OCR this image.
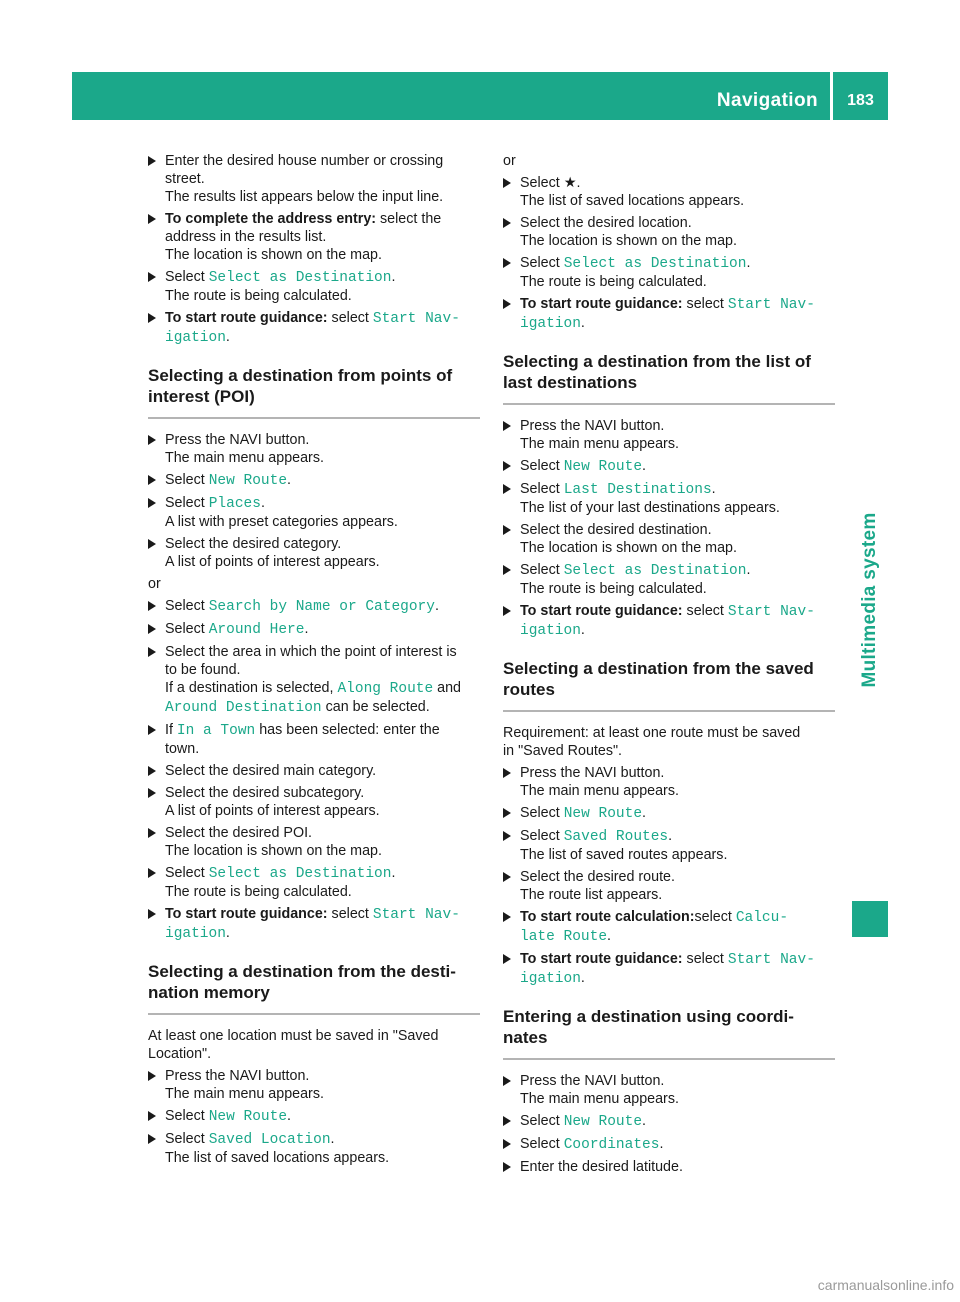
Navigation 183
Multimedia system
Enter the desired house number or crossing
street.
The results list appears below the input line.
To complete the address entry: select the
address in the results list.
The location is shown on the map.
Select Select as Destination.
The route is being calculated.
To start route guidance: select Start Nav-
igation.
Selecting a destination from points of
interest (POI)
Press the NAVI button.
The main menu appears.
Select New Route.
Select Places.
A list with preset categories appears.
Select the desired category.
A list of points of interest appears.
or
Select Search by Name or Category.
Select Around Here.
Select the area in which the point of interest is
to be found.
If a destination is selected, Along Route and
Around Destination can be selected.
If In a Town has been selected: enter the
town.
Select the desired main category.
Select the desired subcategory.
A list of points of interest appears.
Select the desired POI.
The location is shown on the map.
Select Select as Destination.
The route is being calculated.
To start route guidance: select Start Nav-
igation.
Selecting a destination from the desti-
nation memory
At least one location must be saved in "Saved
Location".
Press the NAVI button.
The main menu appears.
Select New Route.
Select Saved Location.
The list of saved locations appears.
or
Select ★.
The list of saved locations appears.
Select the desired location.
The location is shown on the map.
Select Select as Destination.
The route is being calculated.
To start route guidance: select Start Nav-
igation.
Selecting a destination from the list of
last destinations
Press the NAVI button.
The main menu appears.
Select New Route.
Select Last Destinations.
The list of your last destinations appears.
Select the desired destination.
The location is shown on the map.
Select Select as Destination.
The route is being calculated.
To start route guidance: select Start Nav-
igation.
Selecting a destination from the saved
routes
Requirement: at least one route must be saved
in "Saved Routes".
Press the NAVI button.
The main menu appears.
Select New Route.
Select Saved Routes.
The list of saved routes appears.
Select the desired route.
The route list appears.
To start route calculation:select Calcu-
late Route.
To start route guidance: select Start Nav-
igation.
Entering a destination using coordi-
nates
Press the NAVI button.
The main menu appears.
Select New Route.
Select Coordinates.
Enter the desired latitude.
carmanualsonline.info
